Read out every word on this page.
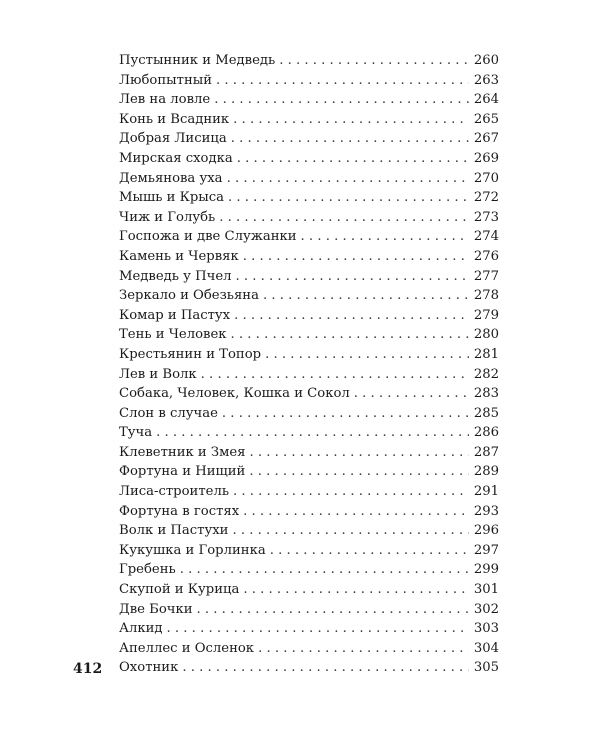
Пустынник и Медведь . . .	260
Любопытный . . .	263
Лев на ловле . . .	264
Конь и Всадник . . .	265
Добрая Лисица . . .	267
Мирская сходка . . .	269
Демьянова уха . . .	270
Мышь и Крыса . . .	272
Чиж и Голубь . . .	273
Госпожа и две Служанки . . .	274
Камень и Червяк . . .	276
Медведь у Пчел . . .	277
Зеркало и Обезьяна . . .	278
Комар и Пастух . . .	279
Тень и Человек . . .	280
Крестьянин и Топор . . .	281
Лев и Волк . . .	282
Собака, Человек, Кошка и Сокол . . .	283
Слон в случае . . .	285
Туча . . .	286
Клеветник и Змея . . .	287
Фортуна и Нищий . . .	289
Лиса-строитель . . .	291
Фортуна в гостях . . .	293
Волк и Пастухи . . .	296
Кукушка и Горлинка . . .	297
Гребень . . .	299
Скупой и Курица . . .	301
Две Бочки . . .	302
Алкид . . .	303
Апеллес и Осленок . . .	304
Охотник . . .	305
412
